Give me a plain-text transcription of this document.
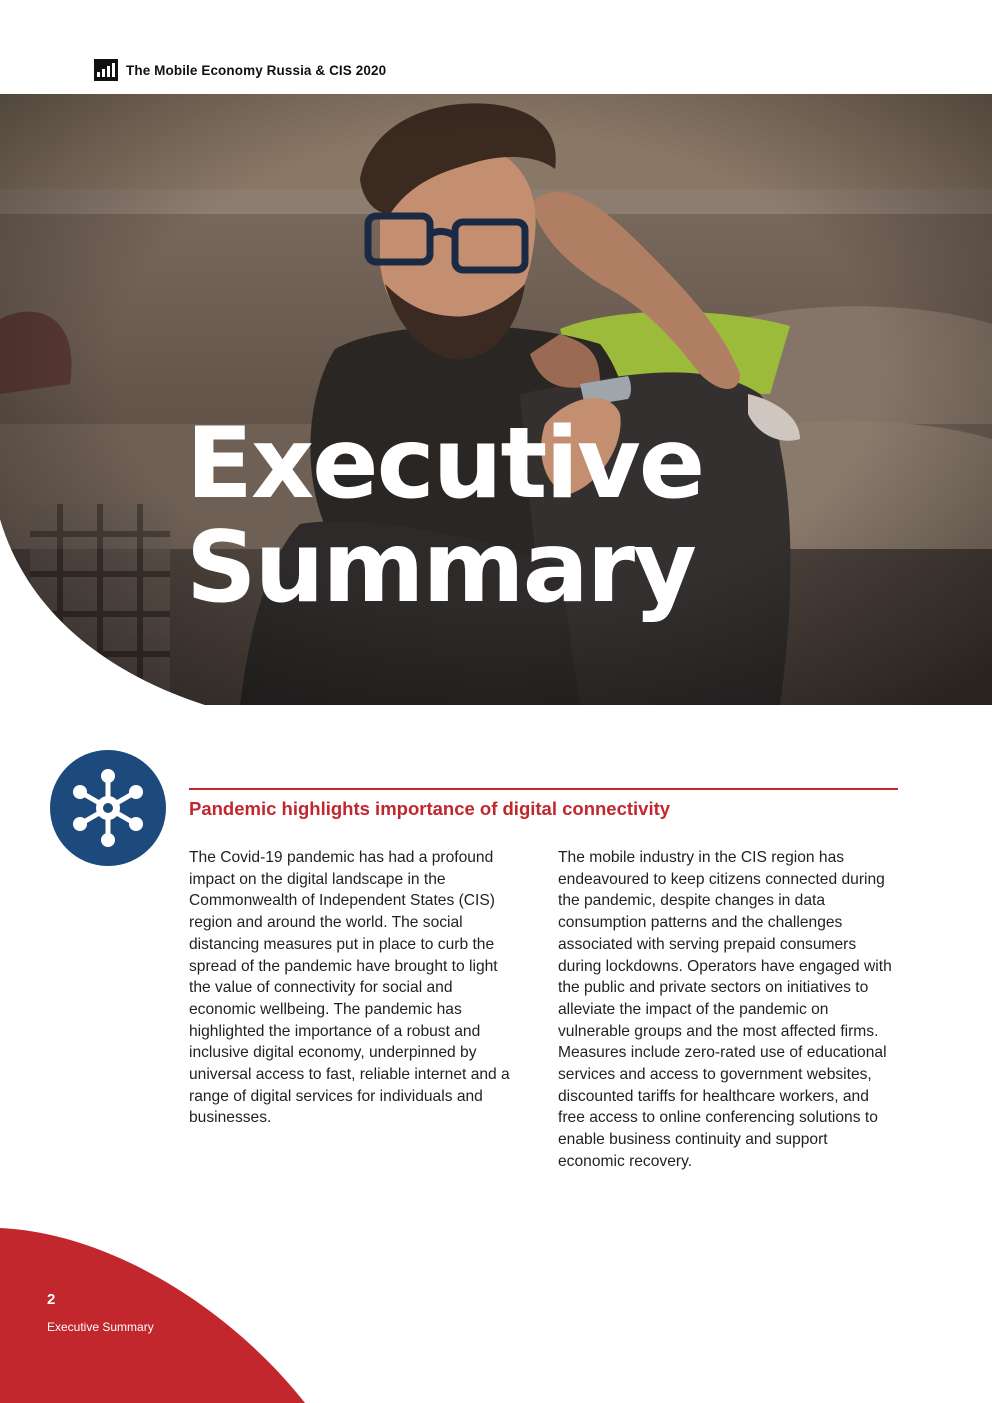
The Mobile Economy Russia & CIS 2020
Executive
Summary
Pandemic highlights importance of digital connectivity

The Covid-19 pandemic has had a profound impact on the digital landscape in the Commonwealth of Independent States (CIS) region and around the world. The social distancing measures put in place to curb the spread of the pandemic have brought to light the value of connectivity for social and economic wellbeing. The pandemic has highlighted the importance of a robust and inclusive digital economy, underpinned by universal access to fast, reliable internet and a range of digital services for individuals and businesses.

The mobile industry in the CIS region has endeavoured to keep citizens connected during the pandemic, despite changes in data consumption patterns and the challenges associated with serving prepaid consumers during lockdowns. Operators have engaged with the public and private sectors on initiatives to alleviate the impact of the pandemic on vulnerable groups and the most affected firms. Measures include zero-rated use of educational services and access to government websites, discounted tariffs for healthcare workers, and free access to online conferencing solutions to enable business continuity and support economic recovery.

2
Executive Summary
